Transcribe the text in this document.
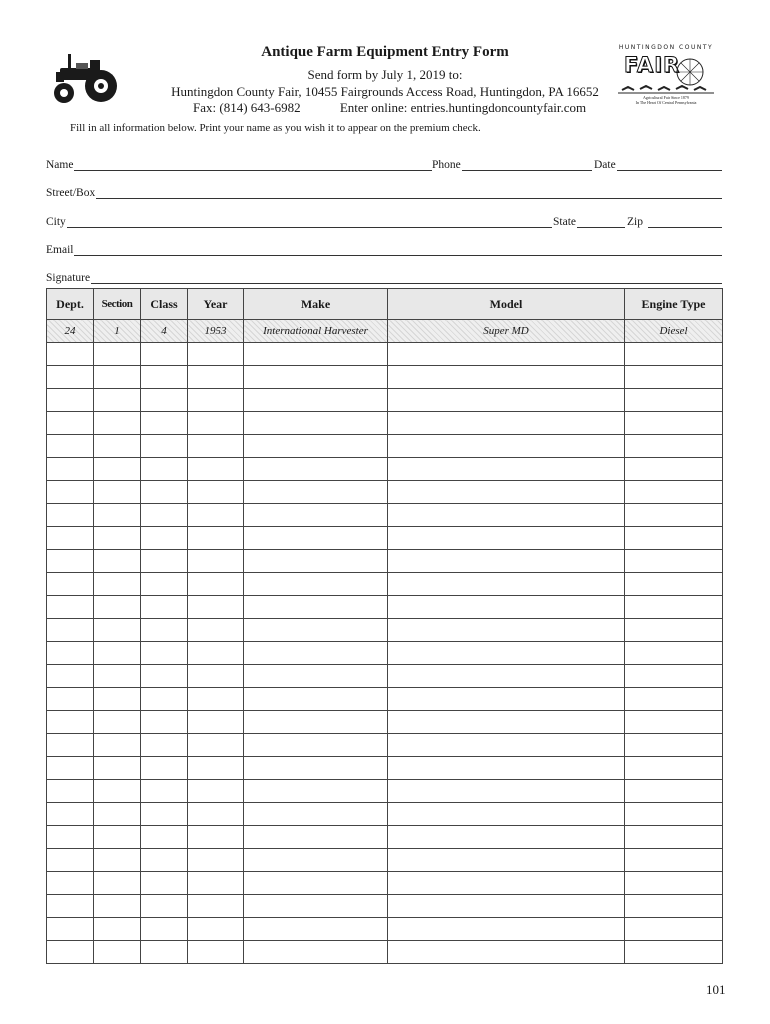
HUNTINGDON COUNTY
FAIR
Agricultural Fair Since 1879
In The Heart Of Central Pennsylvania
Antique Farm Equipment Entry Form
Send form by July 1, 2019 to:
Huntingdon County Fair, 10455 Fairgrounds Access Road, Huntingdon, PA 16652
Fax: (814) 643-6982	Enter online: entries.huntingdoncountyfair.com
Fill in all information below. Print your name as you wish it to appear on the premium check.
Name	Phone	Date
Street/Box
City	State	Zip
Email
Signature
Dept.	Section	Class	Year	Make	Model	Engine Type
24	1	4	1953	International Harvester	Super MD	Diesel

101
